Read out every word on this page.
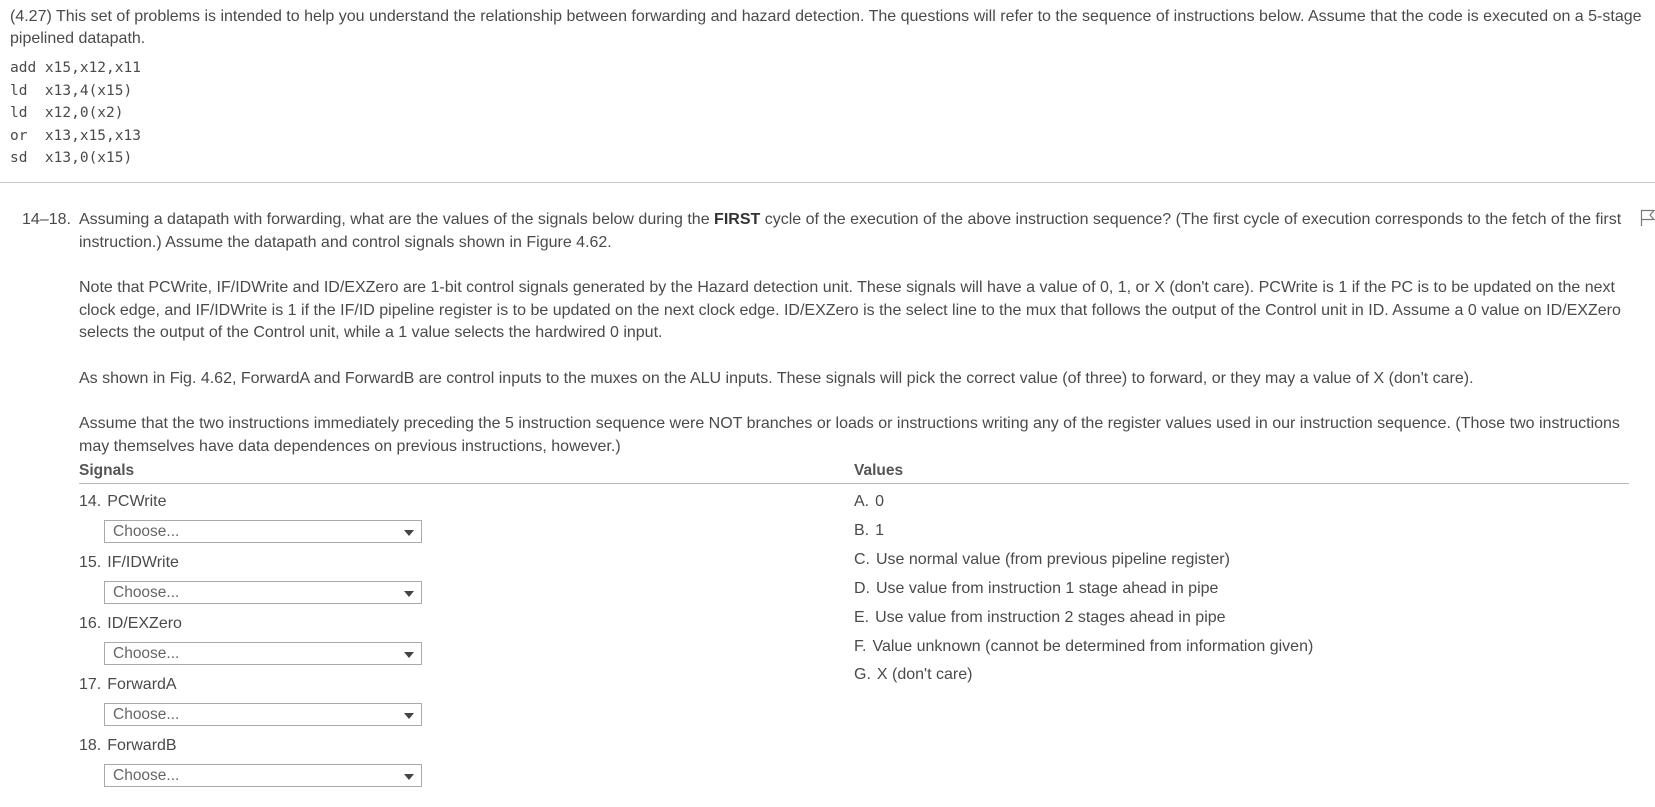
(4.27) This set of problems is intended to help you understand the relationship between forwarding and hazard detection. The questions will refer to the sequence of instructions below. Assume that the code is executed on a 5-stage pipelined datapath.
add x15,x12,x11
ld  x13,4(x15)
ld  x12,0(x2)
or  x13,x15,x13
sd  x13,0(x15)
14–18. Assuming a datapath with forwarding, what are the values of the signals below during the FIRST cycle of the execution of the above instruction sequence? (The first cycle of execution corresponds to the fetch of the first instruction.) Assume the datapath and control signals shown in Figure 4.62.

Note that PCWrite, IF/IDWrite and ID/EXZero are 1-bit control signals generated by the Hazard detection unit. These signals will have a value of 0, 1, or X (don't care). PCWrite is 1 if the PC is to be updated on the next clock edge, and IF/IDWrite is 1 if the IF/ID pipeline register is to be updated on the next clock edge. ID/EXZero is the select line to the mux that follows the output of the Control unit in ID. Assume a 0 value on ID/EXZero selects the output of the Control unit, while a 1 value selects the hardwired 0 input.

As shown in Fig. 4.62, ForwardA and ForwardB are control inputs to the muxes on the ALU inputs. These signals will pick the correct value (of three) to forward, or they may a value of X (don't care).

Assume that the two instructions immediately preceding the 5 instruction sequence were NOT branches or loads or instructions writing any of the register values used in our instruction sequence. (Those two instructions may themselves have data dependences on previous instructions, however.)

Signals	Values
14. PCWrite
Choose...
15. IF/IDWrite
Choose...
16. ID/EXZero
Choose...
17. ForwardA
Choose...
18. ForwardB
Choose...
A. 0
B. 1
C. Use normal value (from previous pipeline register)
D. Use value from instruction 1 stage ahead in pipe
E. Use value from instruction 2 stages ahead in pipe
F. Value unknown (cannot be determined from information given)
G. X (don't care)
